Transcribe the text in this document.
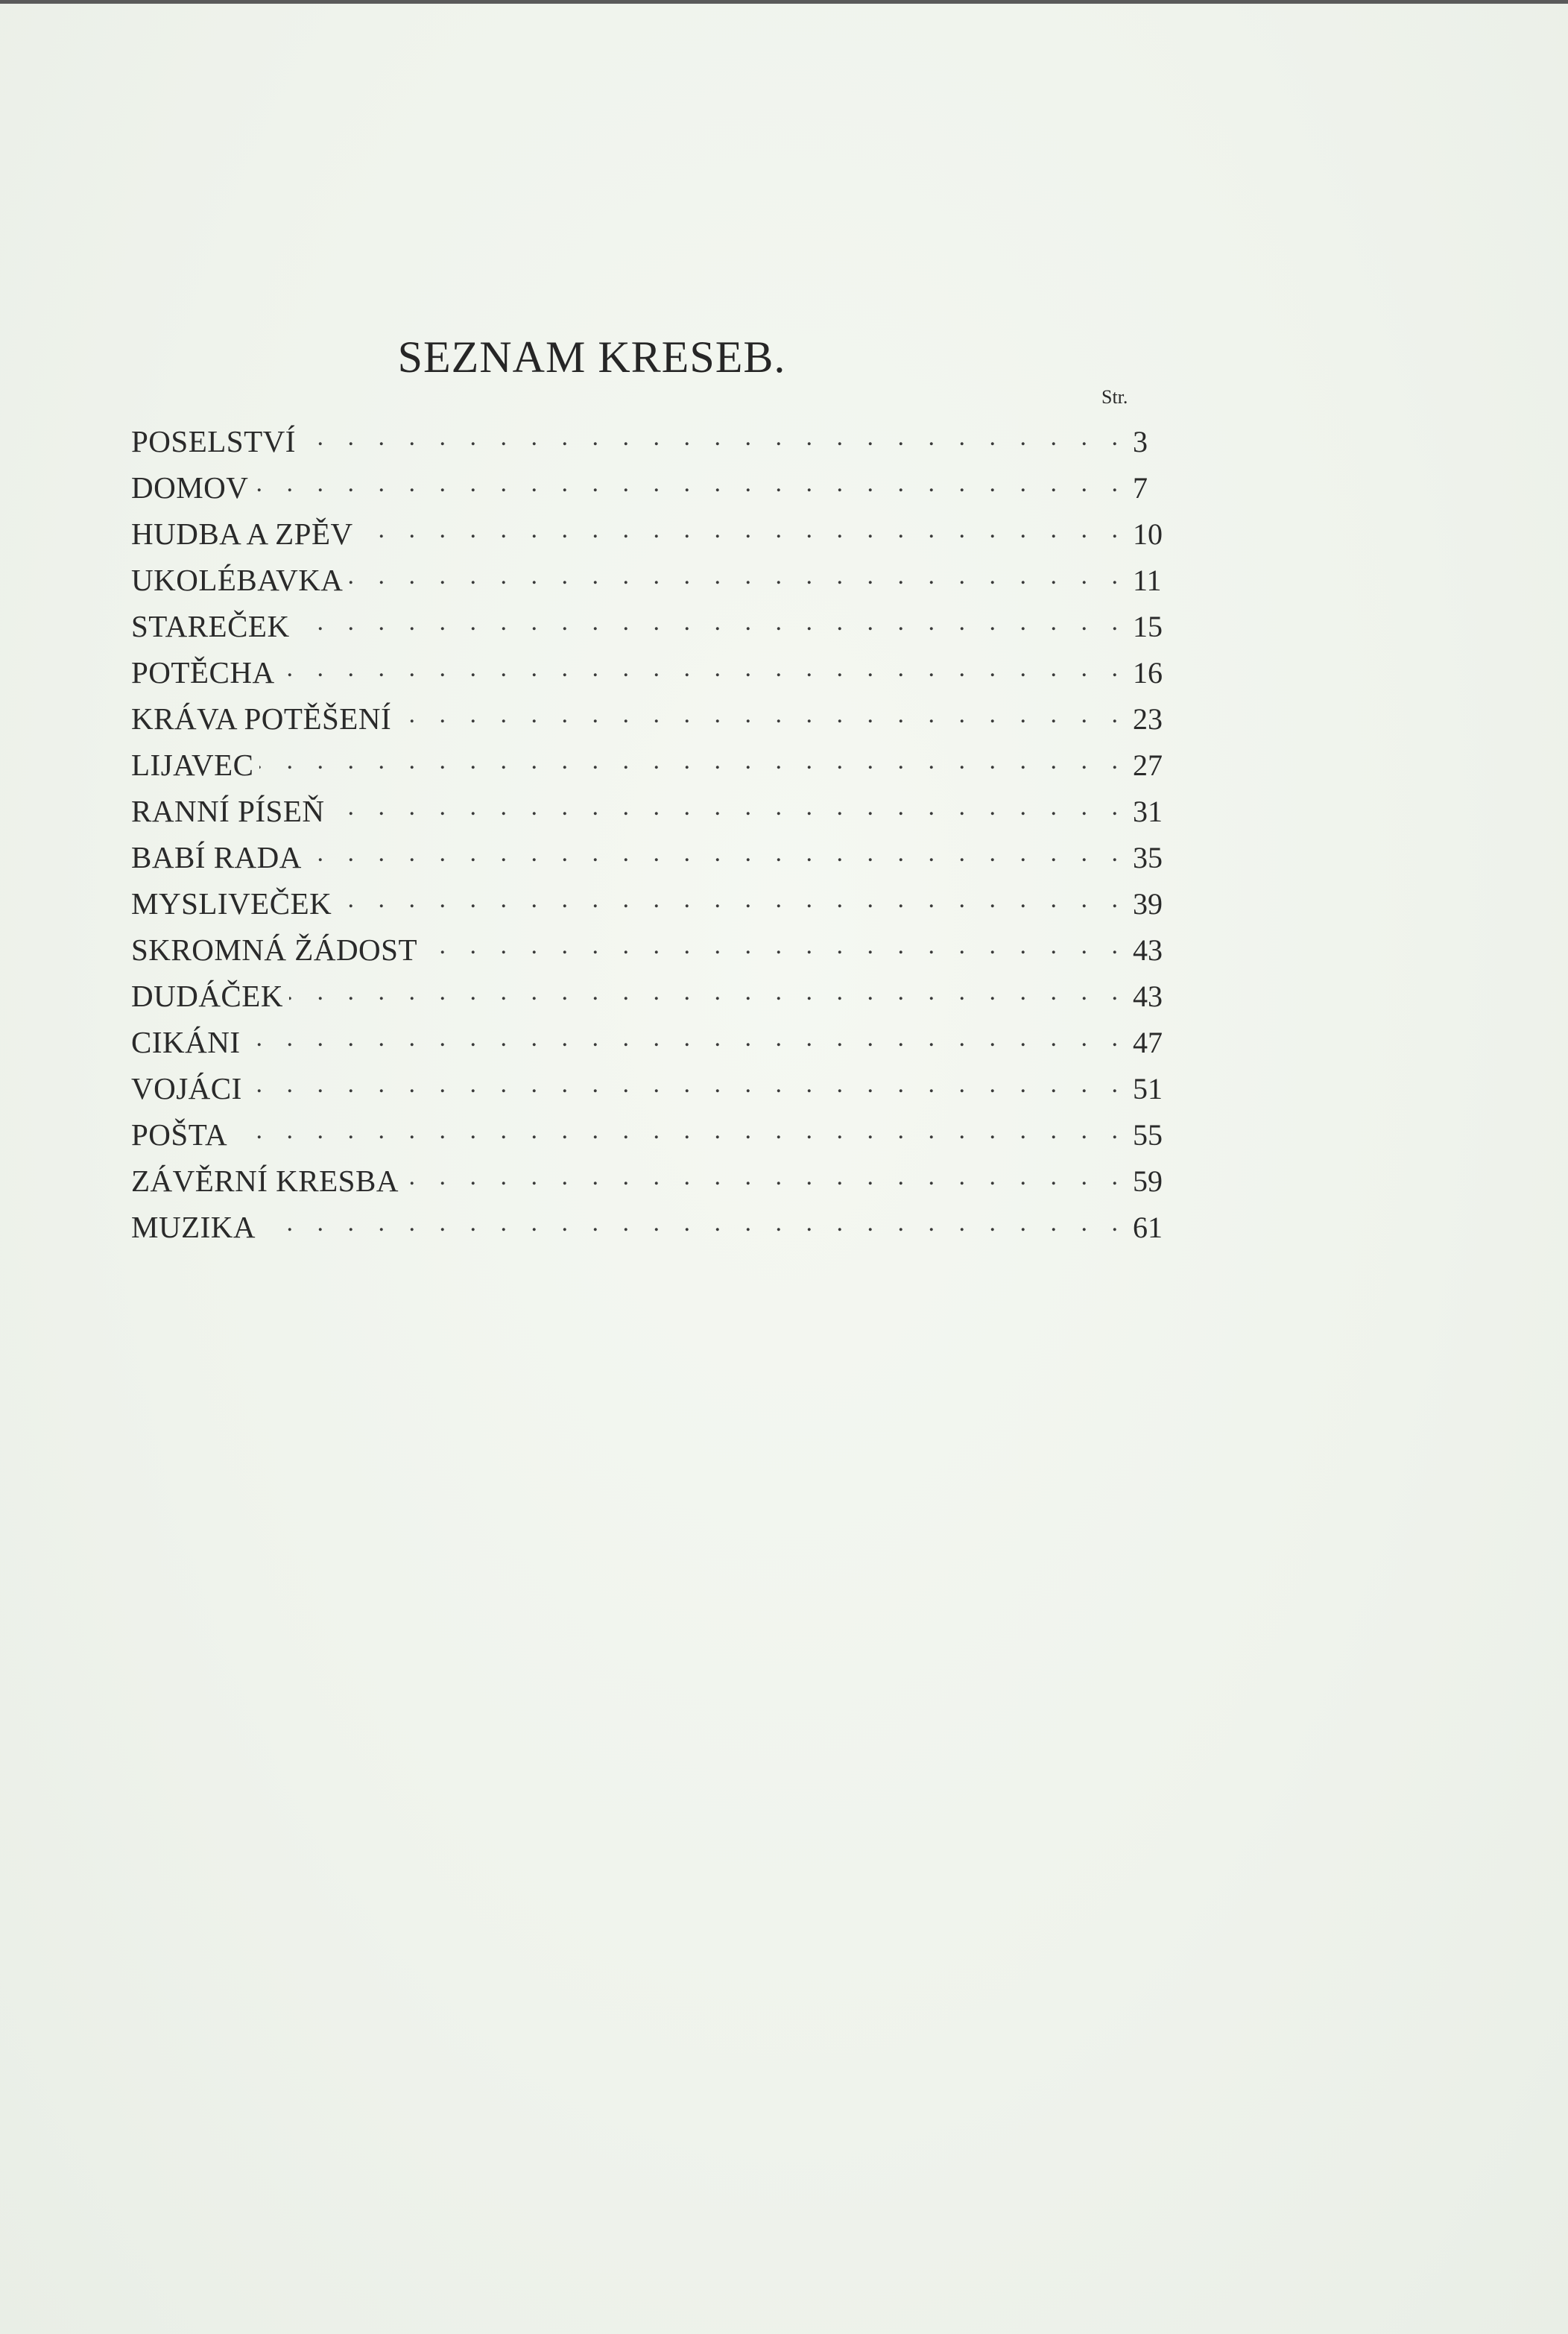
SEZNAM KRESEB.
Str.
POSELSTVÍ . . .	3
DOMOV . . .	7
HUDBA A ZPĚV . . .	10
UKOLÉBAVKA . . .	11
STAREČEK . . .	15
POTĚCHA . . .	16
KRÁVA POTĚŠENÍ . . .	23
LIJAVEC . . .	27
RANNÍ PÍSEŇ . . .	31
BABÍ RADA . . .	35
MYSLIVEČEK . . .	39
SKROMNÁ ŽÁDOST . . .	43
DUDÁČEK . . .	43
CIKÁNI . . .	47
VOJÁCI . . .	51
POŠTA . . .	55
ZÁVĚRNÍ KRESBA . . .	59
MUZIKA . . .	61
